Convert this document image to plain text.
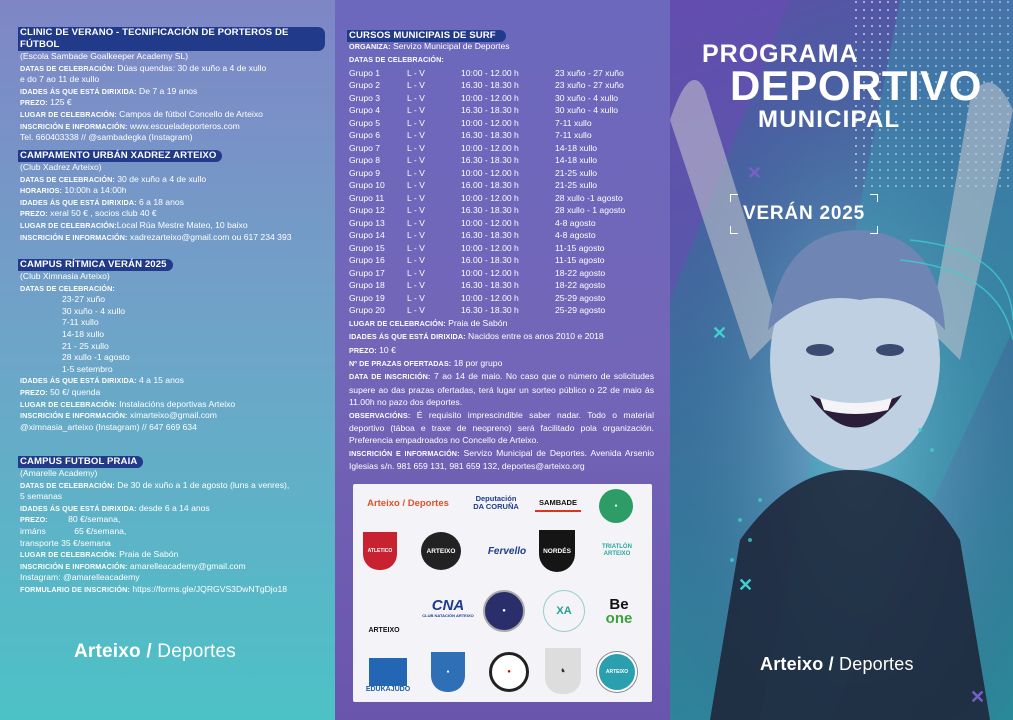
CLINIC DE VERANO - TECNIFICACIÓN DE PORTEROS DE FÚTBOL
(Escola Sambade Goalkeeper Academy SL)
DATAS DE CELEBRACIÓN: Dúas quendas: 30 de xuño a 4 de xullo
e do 7 ao 11 de xullo
IDADES ÁS QUE ESTÁ DIRIXIDA: De 7 a 19 anos
PREZO: 125 €
LUGAR DE CELEBRACIÓN: Campos de fútbol Concello de Arteixo
INSCRICIÓN E INFORMACIÓN: www.escueladeporteros.com
Tel. 660403338 // @sambadegka (Instagram)
CAMPAMENTO URBÁN XADREZ ARTEIXO
(Club Xadrez Arteixo)
DATAS DE CELEBRACIÓN: 30 de xuño a 4 de xullo
HORARIOS: 10:00h a 14:00h
IDADES ÁS QUE ESTÁ DIRIXIDA: 6 a 18 anos
PREZO: xeral 50 € , socios club 40 €
LUGAR DE CELEBRACIÓN:Local Rúa Mestre Mateo, 10 baixo
INSCRICIÓN E INFORMACIÓN: xadrezarteixo@gmail.com ou 617 234 393
CAMPUS RÍTMICA VERÁN 2025
(Club Ximnasia Arteixo)
DATAS DE CELEBRACIÓN:
23-27 xuño
30 xuño - 4 xullo
7-11 xullo
14-18 xullo
21 - 25 xullo
28 xullo -1 agosto
1-5 setembro
IDADES ÁS QUE ESTÁ DIRIXIDA: 4 a 15 anos
PREZO: 50 €/ quenda
LUGAR DE CELEBRACIÓN: Instalacións deportivas Arteixo
INSCRICIÓN E INFORMACIÓN: ximarteixo@gmail.com
@ximnasia_arteixo (Instagram) // 647 669 634
CAMPUS FUTBOL PRAIA
(Amarelle Academy)
DATAS DE CELEBRACIÓN: De 30 de xuño a 1 de agosto (luns a venres),
5 semanas
IDADES ÁS QUE ESTÁ DIRIXIDA: desde 6 a 14 anos
PREZO: 80 €/semana,
irmáns	65 €/semana,
transporte 35 €/semana
LUGAR DE CELEBRACIÓN: Praia de Sabón
INSCRICIÓN E INFORMACIÓN: amarelleacademy@gmail.com
Instagram: @amarelleacademy
FORMULARIO DE INSCRICIÓN: https://forms.gle/JQRGVS3DwNTgDjo18
Arteixo / Deportes
CURSOS MUNICIPAIS DE SURF
ORGANIZA: Servizo Municipal de Deportes
DATAS DE CELEBRACIÓN:
Grupo 1	L - V	10:00 - 12.00 h	23 xuño - 27 xuño
Grupo 2	L - V	16.30 - 18.30 h	23 xuño - 27 xuño
Grupo 3	L - V	10:00 - 12.00 h	30 xuño - 4 xullo
Grupo 4	L - V	16.30 - 18.30 h	30 xuño - 4 xullo
Grupo 5	L - V	10:00 - 12.00 h	7-11 xullo
Grupo 6	L - V	16.30 - 18.30 h	7-11 xullo
Grupo 7	L - V	10:00 - 12.00 h	14-18 xullo
Grupo 8	L - V	16.30 - 18.30 h	14-18 xullo
Grupo 9	L - V	10:00 - 12.00 h	21-25 xullo
Grupo 10	L - V	16.00 - 18.30 h	21-25 xullo
Grupo 11	L - V	10:00 - 12.00 h	28 xullo -1 agosto
Grupo 12	L - V	16.30 - 18.30 h	28 xullo - 1 agosto
Grupo 13	L - V	10:00 - 12.00 h	4-8 agosto
Grupo 14	L - V	16.30 - 18.30 h	4-8 agosto
Grupo 15	L - V	10:00 - 12.00 h	11-15 agosto
Grupo 16	L - V	16.00 - 18.30 h	11-15 agosto
Grupo 17	L - V	10:00 - 12.00 h	18-22 agosto
Grupo 18	L - V	16.30 - 18.30 h	18-22 agosto
Grupo 19	L - V	10:00 - 12.00 h	25-29 agosto
Grupo 20	L - V	16.30 - 18.30 h	25-29 agosto
LUGAR DE CELEBRACIÓN: Praia de Sabón
IDADES ÁS QUE ESTÁ DIRIXIDA: Nacidos entre os anos 2010 e 2018
PREZO: 10 €
Nº DE PRAZAS OFERTADAS: 18 por grupo
DATA DE INSCRICIÓN: 7 ao 14 de maio. No caso que o número de solicitudes supere ao das prazas ofertadas, terá lugar un sorteo público o 22 de maio ás 11.00h no pazo dos deportes.
OBSERVACIÓNS: É requisito imprescindible saber nadar. Todo o material deportivo (táboa e traxe de neopreno) será facilitado pola organización. Preferencia empadroados no Concello de Arteixo.
INSCRICIÓN E INFORMACIÓN: Servizo Municipal de Deportes. Avenida Arsenio Iglesias s/n. 981 659 131, 981 659 132, deportes@arteixo.org
Arteixo / Deportes	Deputación
DA CORUÑA	SAMBADE	●
ATLETICO	ARTEIXO	Fervello	NORDÉS
TRIATLÓN
ARTEIXO
ARTEIXO
CNA
CLUB NATACIÓN ARTEIXO
●	XA	Be
one
EDUKAJUDO
●	●	♞	ARTEIXO
PROGRAMA
DEPORTIVO
MUNICIPAL
VERÁN 2025
✕
✕
✕
✕
Arteixo / Deportes
